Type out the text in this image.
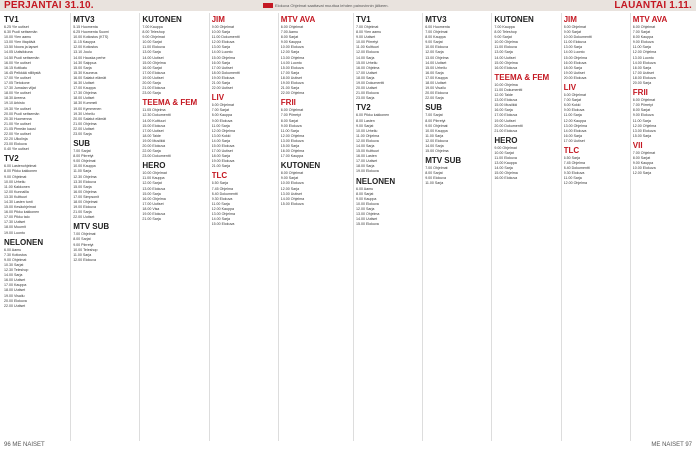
PERJANTAI 31.10.	Elokuva Ohjelmat saattavat muuttua lehden painovinnin jälkeen.	LAUANTAI 1.11.
TV1

6.25 Yle uutiset

6.30 Puoli seitsemän

10.00 Ylen aamu

13.00 Ylen iltapäivä

13.50 Noora ja lapset

14.05 Uutisikkuna

14.50 Puoli seitsemän

16.00 Yle uutiset

16.15 Kotikatu

16.45 Pelkkää nillitystä

17.00 Yle uutiset

17.05 Tietokone

17.30 Jumalan viljat

18.00 Yle uutiset

18.30 Areena

19.10 Arkisto

19.30 Yle uutiset

20.00 Puoli seitsemän

20.30 Huomenna

21.00 Yle uutiset

21.05 Pimeän kausi

22.00 Yle uutiset

22.20 Ulkolinja

23.00 Elokuva

0.40 Yle uutiset

TV2

6.00 Lastenohjelmat

8.00 Pikku kakkonen

9.00 Ohjelmat

10.00 Urheilu

11.00 Kakkonen

12.00 Kunnailla

13.30 Kulttuuri

14.30 Lasten tunti

15.00 Kesäohjelmat

16.00 Pikku kakkonen

17.00 Pikku talo

17.30 Uutiset

18.00 Muumit

19.00 Luonto

NELONEN

6.00 Aamu

7.30 Kotiostos

9.00 Ohjelmat

10.30 Sarjat

12.30 Teleshop

14.00 Sarja

16.00 Uutiset

17.00 Kauppa

18.00 Uutiset

19.00 Visailu

20.00 Elokuva

22.00 Uutiset

MTV3

5.15 Huomenta

6.25 Huomenta Suomi

10.00 Kotiostos (KTS)

11.15 Kauppa

12.00 Kotiostos

13.10 Joulu

14.00 Hauska perhe

14.30 Saippua

15.00 Sarja

15.30 Kauneus

16.00 Salatut elämät

16.30 Uutiset

17.00 Kauppa

17.30 Ohjelma

18.00 Uutiset

18.30 Kummeli

19.00 Kymmenen

19.30 Urheilu

20.00 Salatut elämät

21.00 Ohjelma

22.00 Uutiset

23.00 Sarja

SUB

7.00 Sarjat

8.00 Piirretyt

9.00 Ohjelmat

10.00 Kauppa

11.00 Sarja

12.30 Ohjelma

13.30 Elokuva

15.00 Sarja

16.00 Ohjelma

17.00 Simpsonit

18.00 Ohjelmat

19.00 Elokuva

21.00 Sarja

22.00 Uutiset

MTV SUB

7.00 Ohjelmat

8.00 Sarjat

9.00 Piirretyt

10.00 Teleshop

11.00 Sarja

12.00 Elokuva

KUTONEN

7.00 Kauppa

8.00 Teleshop

9.00 Ohjelmat

10.00 Sarjat

11.00 Elokuva

13.00 Sarja

14.00 Uutiset

15.00 Ohjelma

16.00 Sarjat

17.00 Elokuva

19.00 Uutiset

20.00 Sarja

21.00 Elokuva

23.00 Sarja

TEEMA & FEM

11.05 Ohjelma

12.30 Dokumentti

14.00 Kulttuuri

15.00 Elokuva

17.00 Uutiset

18.00 Taide

19.00 Musiikki

20.00 Elokuva

22.00 Sarja

23.00 Dokumentti

HERO

10.00 Ohjelmat

11.00 Kauppa

12.00 Sarjat

13.00 Elokuva

15.00 Sarja

16.00 Ohjelma

17.00 Uutiset

18.00 Visa

19.00 Elokuva

21.00 Sarja

JIM

9.00 Ohjelmat

10.00 Sarja

11.00 Dokumentti

12.00 Elokuva

13.00 Sarja

14.00 Luonto

15.00 Ohjelma

16.00 Sarja

17.00 Uutiset

18.00 Dokumentti

19.00 Elokuva

21.00 Sarja

22.00 Uutiset

LIV

6.00 Ohjelmat

7.00 Sarjat

8.00 Kauppa

9.00 Elokuva

11.00 Sarja

12.00 Ohjelma

13.00 Kokki

14.00 Sarja

15.00 Elokuva

17.00 Uutiset

18.00 Sarja

19.00 Elokuva

21.00 Sarja

TLC

6.50 Sarja

7.45 Ohjelma

8.40 Dokumentti

9.30 Elokuva

11.00 Sarja

12.00 Kauppa

13.00 Ohjelma

14.00 Sarja

15.00 Elokuva

MTV AVA

6.00 Ohjelmat

7.00 Aamu

8.00 Sarjat

9.00 Kauppa

10.00 Elokuva

12.00 Sarja

13.00 Ohjelma

14.00 Luonto

15.00 Elokuva

17.00 Sarja

18.00 Uutiset

19.00 Elokuva

21.00 Sarja

22.00 Ohjelma

FRII

6.00 Ohjelmat

7.00 Piirretyt

8.00 Sarjat

9.00 Elokuva

11.00 Sarja

12.00 Ohjelma

13.00 Elokuva

15.00 Sarja

16.00 Ohjelma

17.00 Kauppa

KUTONEN

8.00 Ohjelmat

9.00 Sarjat

10.00 Elokuva

12.00 Sarja

13.00 Uutiset

14.00 Ohjelma

15.00 Elokuva

TV1

7.00 Ohjelmat

8.00 Ylen aamu

9.00 Uutiset

10.00 Piirretyt

11.00 Kulttuuri

12.00 Elokuva

14.00 Sarja

15.00 Urheilu

16.00 Ohjelma

17.00 Uutiset

18.00 Sarja

19.00 Dokumentti

20.00 Uutiset

21.00 Elokuva

23.00 Sarja

TV2

6.00 Pikku kakkonen

8.00 Lasten

9.00 Sarjat

10.00 Urheilu

11.00 Ohjelma

12.00 Elokuva

14.00 Sarja

15.00 Kulttuuri

16.00 Lasten

17.00 Uutiset

18.00 Sarja

19.00 Elokuva

NELONEN

6.00 Aamu

8.00 Sarjat

9.00 Kauppa

10.00 Elokuva

12.00 Sarja

13.00 Ohjelma

14.00 Uutiset

15.00 Elokuva

MTV3

6.00 Huomenta

7.00 Ohjelmat

8.00 Kauppa

9.00 Sarjat

10.00 Elokuva

12.00 Sarja

13.00 Ohjelma

14.00 Uutiset

15.00 Urheilu

16.00 Sarja

17.00 Kauppa

18.00 Uutiset

19.00 Visailu

20.00 Elokuva

22.00 Sarja

SUB

7.00 Sarjat

8.00 Piirretyt

9.00 Ohjelmat

10.00 Kauppa

11.00 Sarja

12.00 Elokuva

14.00 Sarja

15.00 Ohjelma

MTV SUB

7.00 Ohjelmat

8.00 Sarjat

9.00 Elokuva

11.00 Sarja

KUTONEN

7.00 Kauppa

8.00 Teleshop

9.00 Sarjat

10.00 Ohjelma

11.00 Elokuva

13.00 Sarja

14.00 Uutiset

15.00 Ohjelma

16.00 Elokuva

TEEMA & FEM

10.00 Ohjelma

11.00 Dokumentti

12.00 Taide

13.00 Elokuva

15.00 Musiikki

16.00 Sarja

17.00 Elokuva

19.00 Uutiset

20.00 Dokumentti

21.00 Elokuva

HERO

9.00 Ohjelmat

10.00 Sarjat

11.00 Elokuva

13.00 Kauppa

14.00 Sarja

15.00 Ohjelma

16.00 Elokuva

JIM

8.00 Ohjelmat

9.00 Sarjat

10.00 Dokumentti

11.00 Elokuva

13.00 Sarja

14.00 Luonto

15.00 Ohjelma

16.00 Elokuva

18.00 Sarja

19.00 Uutiset

20.00 Elokuva

LIV

6.00 Ohjelmat

7.00 Sarjat

8.00 Kokki

9.00 Elokuva

11.00 Sarja

12.00 Kauppa

13.00 Ohjelma

14.00 Elokuva

16.00 Sarja

17.00 Uutiset

TLC

6.50 Sarja

7.45 Ohjelma

8.40 Dokumentti

9.30 Elokuva

11.00 Sarja

12.00 Ohjelma

MTV AVA

6.00 Ohjelmat

7.00 Sarjat

8.00 Kauppa

9.00 Elokuva

11.00 Sarja

12.00 Ohjelma

13.00 Luonto

14.00 Elokuva

16.00 Sarja

17.00 Uutiset

18.00 Elokuva

20.00 Sarja

FRII

6.00 Ohjelmat

7.00 Piirretyt

8.00 Sarjat

9.00 Elokuva

11.00 Sarja

12.00 Ohjelma

13.00 Elokuva

15.00 Sarja

VII

7.00 Ohjelmat

8.00 Sarjat

9.00 Kauppa

10.00 Elokuva

12.00 Sarja

96 ME NAISET	ME NAISET 97
